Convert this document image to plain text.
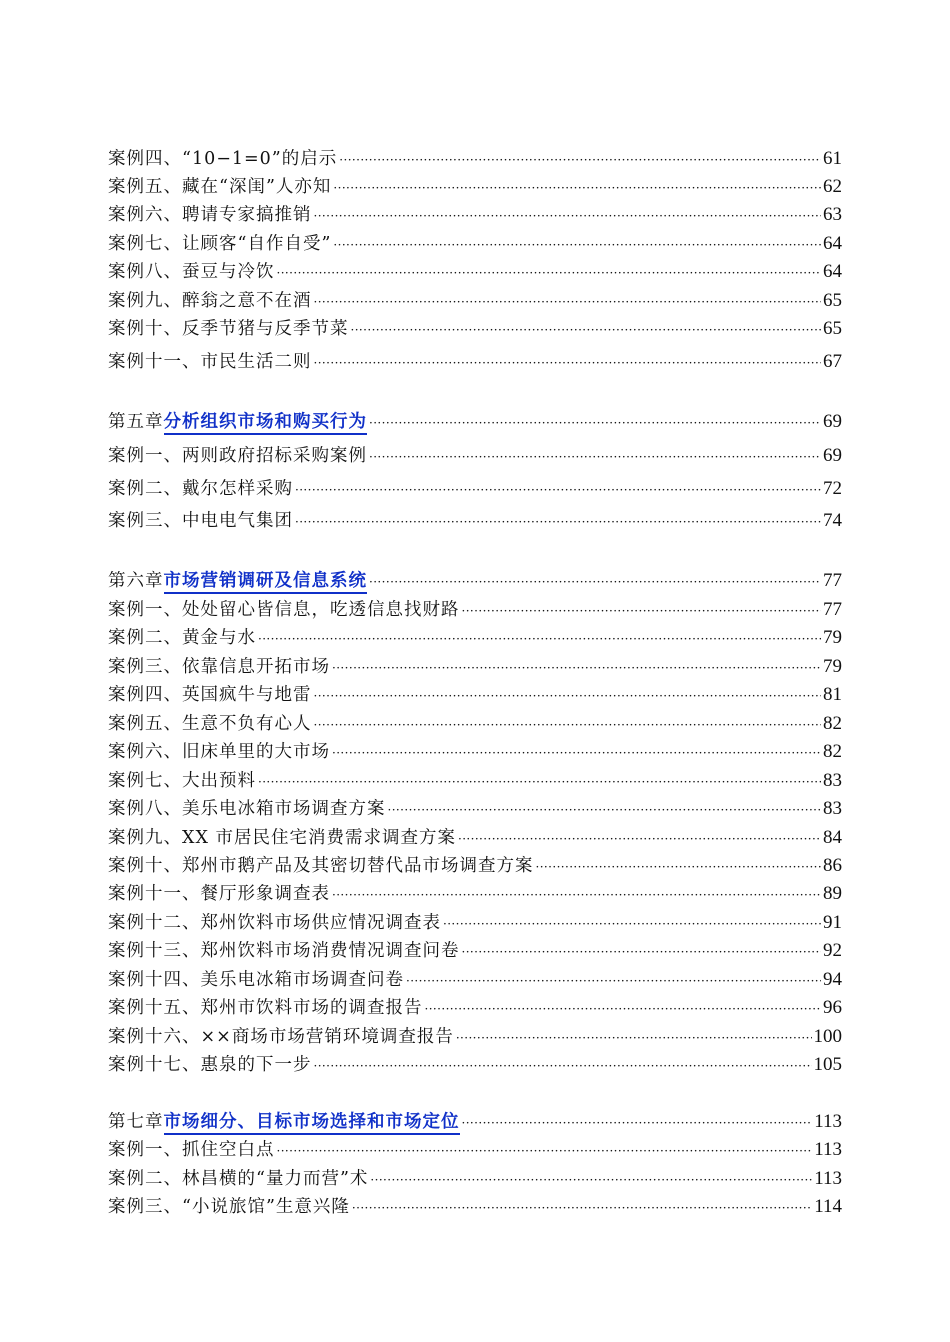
案例四、“10−1=0”的启示 ·····	61
案例五、藏在“深闺”人亦知 ·····	62
案例六、聘请专家搞推销 ·····	63
案例七、让顾客“自作自受” ·····	64
案例八、蚕豆与冷饮 ·····	64
案例九、醉翁之意不在酒 ·····	65
案例十、反季节猪与反季节菜 ·····	65
案例十一、市民生活二则 ·····	67
第五章 分析组织市场和购买行为 ·····	69
案例一、两则政府招标采购案例 ·····	69
案例二、戴尔怎样采购 ·····	72
案例三、中电电气集团 ·····	74
第六章 市场营销调研及信息系统 ·····	77
案例一、处处留心皆信息，吃透信息找财路 ·····	77
案例二、黄金与水 ·····	79
案例三、依靠信息开拓市场 ·····	79
案例四、英国疯牛与地雷 ·····	81
案例五、生意不负有心人 ·····	82
案例六、旧床单里的大市场 ·····	82
案例七、大出预料 ·····	83
案例八、美乐电冰箱市场调查方案 ·····	83
案例九、XX 市居民住宅消费需求调查方案 ·····	84
案例十、郑州市鹅产品及其密切替代品市场调查方案 ·····	86
案例十一、餐厅形象调查表 ·····	89
案例十二、郑州饮料市场供应情况调查表 ·····	91
案例十三、郑州饮料市场消费情况调查问卷 ·····	92
案例十四、美乐电冰箱市场调查问卷 ·····	94
案例十五、郑州市饮料市场的调查报告 ·····	96
案例十六、××商场市场营销环境调查报告 ·····	100
案例十七、惠泉的下一步 ·····	105
第七章 市场细分、目标市场选择和市场定位 ·····	113
案例一、抓住空白点 ·····	113
案例二、林昌横的“量力而营”术 ·····	113
案例三、“小说旅馆”生意兴隆 ·····	114
